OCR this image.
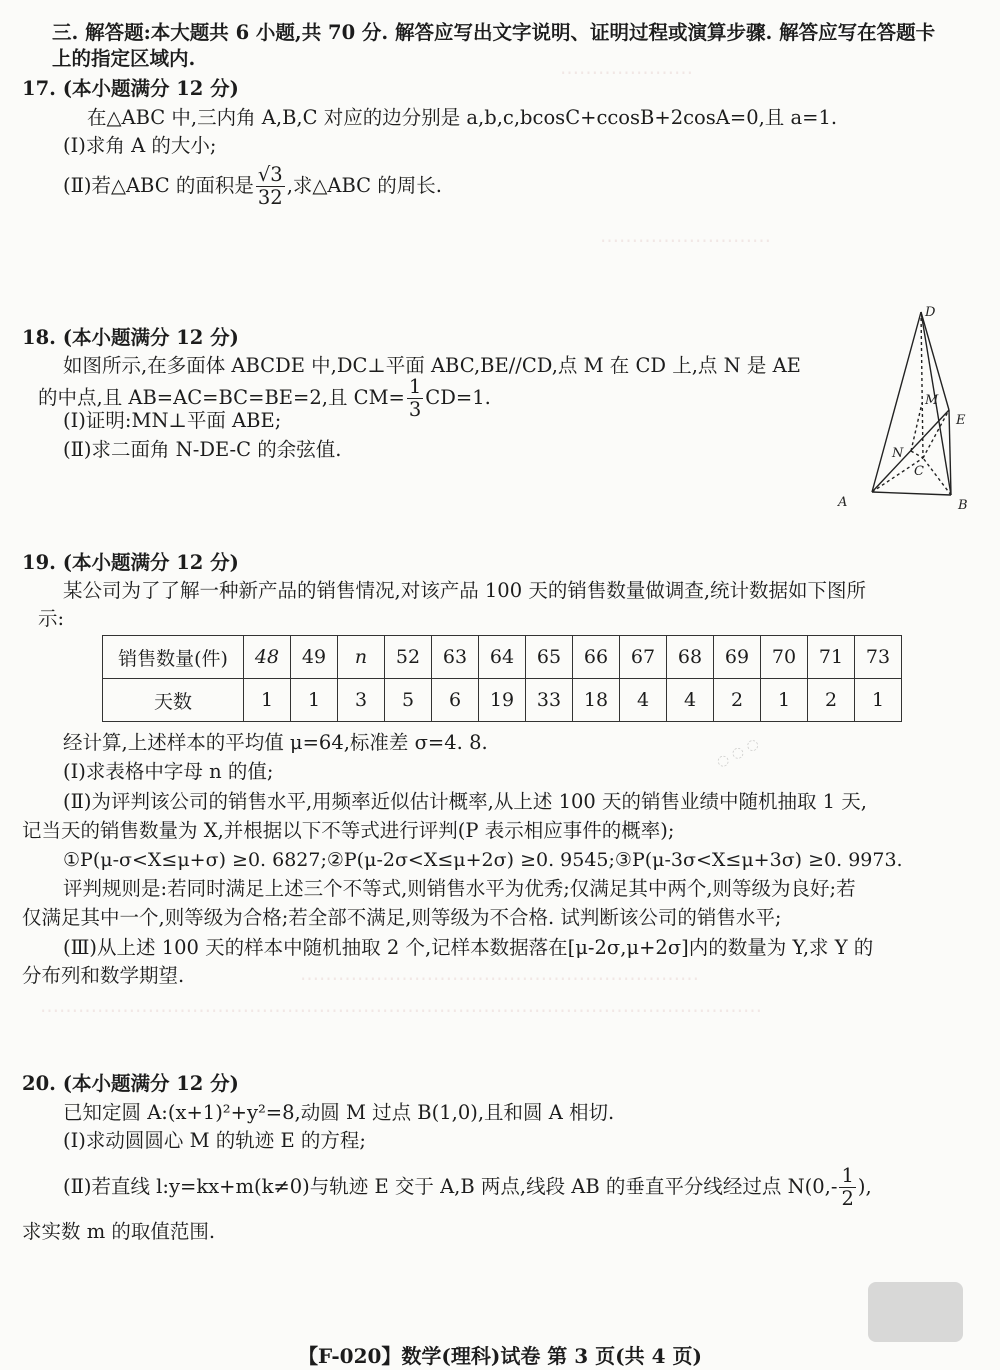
⋯⋯⋯⋯⋯⋯⋯
⋯⋯⋯⋯⋯⋯⋯⋯⋯
⋯⋯⋯⋯⋯⋯⋯⋯⋯⋯⋯⋯⋯⋯⋯⋯⋯⋯⋯⋯⋯
⋯⋯⋯⋯⋯⋯⋯⋯⋯⋯⋯⋯⋯⋯⋯⋯⋯⋯⋯⋯⋯⋯⋯⋯⋯⋯⋯⋯⋯⋯⋯⋯⋯⋯⋯⋯⋯⋯
三. 解答题:本大题共 6 小题,共 70 分. 解答应写出文字说明、证明过程或演算步骤. 解答应写在答题卡
上的指定区域内.
17. (本小题满分 12 分)
在△ABC 中,三内角 A,B,C 对应的边分别是 a,b,c,bcosC+ccosB+2cosA=0,且 a=1.
(Ⅰ)求角 A 的大小;
(Ⅱ)若△ABC 的面积是 $\frac{√3}{32}$ ,求△ABC 的周长.
18. (本小题满分 12 分)
如图所示,在多面体 ABCDE 中,DC⊥平面 ABC,BE//CD,点 M 在 CD 上,点 N 是 AE
的中点,且 AB=AC=BC=BE=2,且 $CM= \frac{1}{3} CD=1$.
(Ⅰ)证明:MN⊥平面 ABE;
(Ⅱ)求二面角 N-DE-C 的余弦值.
D
M
E
N
C
A	B
19. (本小题满分 12 分)
某公司为了了解一种新产品的销售情况,对该产品 100 天的销售数量做调查,统计数据如下图所
示:
销售数量(件)	48	49	n	52	63	64	65	66	67	68	69	70	71	73
天数	1	1	3	5	6	19	33	18	4	4	2	1	2	1
经计算,上述样本的平均值 μ=64,标准差 σ=4. 8.
(Ⅰ)求表格中字母 n 的值;
(Ⅱ)为评判该公司的销售水平,用频率近似估计概率,从上述 100 天的销售业绩中随机抽取 1 天,
记当天的销售数量为 X,并根据以下不等式进行评判(P 表示相应事件的概率);
①P(μ-σ<X≤μ+σ) ≥0. 6827;②P(μ-2σ<X≤μ+2σ) ≥0. 9545;③P(μ-3σ<X≤μ+3σ) ≥0. 9973.
评判规则是:若同时满足上述三个不等式,则销售水平为优秀;仅满足其中两个,则等级为良好;若
仅满足其中一个,则等级为合格;若全部不满足,则等级为不合格. 试判断该公司的销售水平;
(Ⅲ)从上述 100 天的样本中随机抽取 2 个,记样本数据落在[μ-2σ,μ+2σ]内的数量为 Y,求 Y 的
分布列和数学期望.
20. (本小题满分 12 分)
已知定圆 A:(x+1)²+y²=8,动圆 M 过点 B(1,0),且和圆 A 相切.
(Ⅰ)求动圆圆心 M 的轨迹 E 的方程;
(Ⅱ)若直线 l:y=kx+m(k≠0)与轨迹 E 交于 A,B 两点,线段 AB 的垂直平分线经过点 $N(0,- \frac{1}{2}$ ),
求实数 m 的取值范围.
◌ ◌ ◌
【F-020】数学(理科)试卷 第 3 页(共 4 页)
